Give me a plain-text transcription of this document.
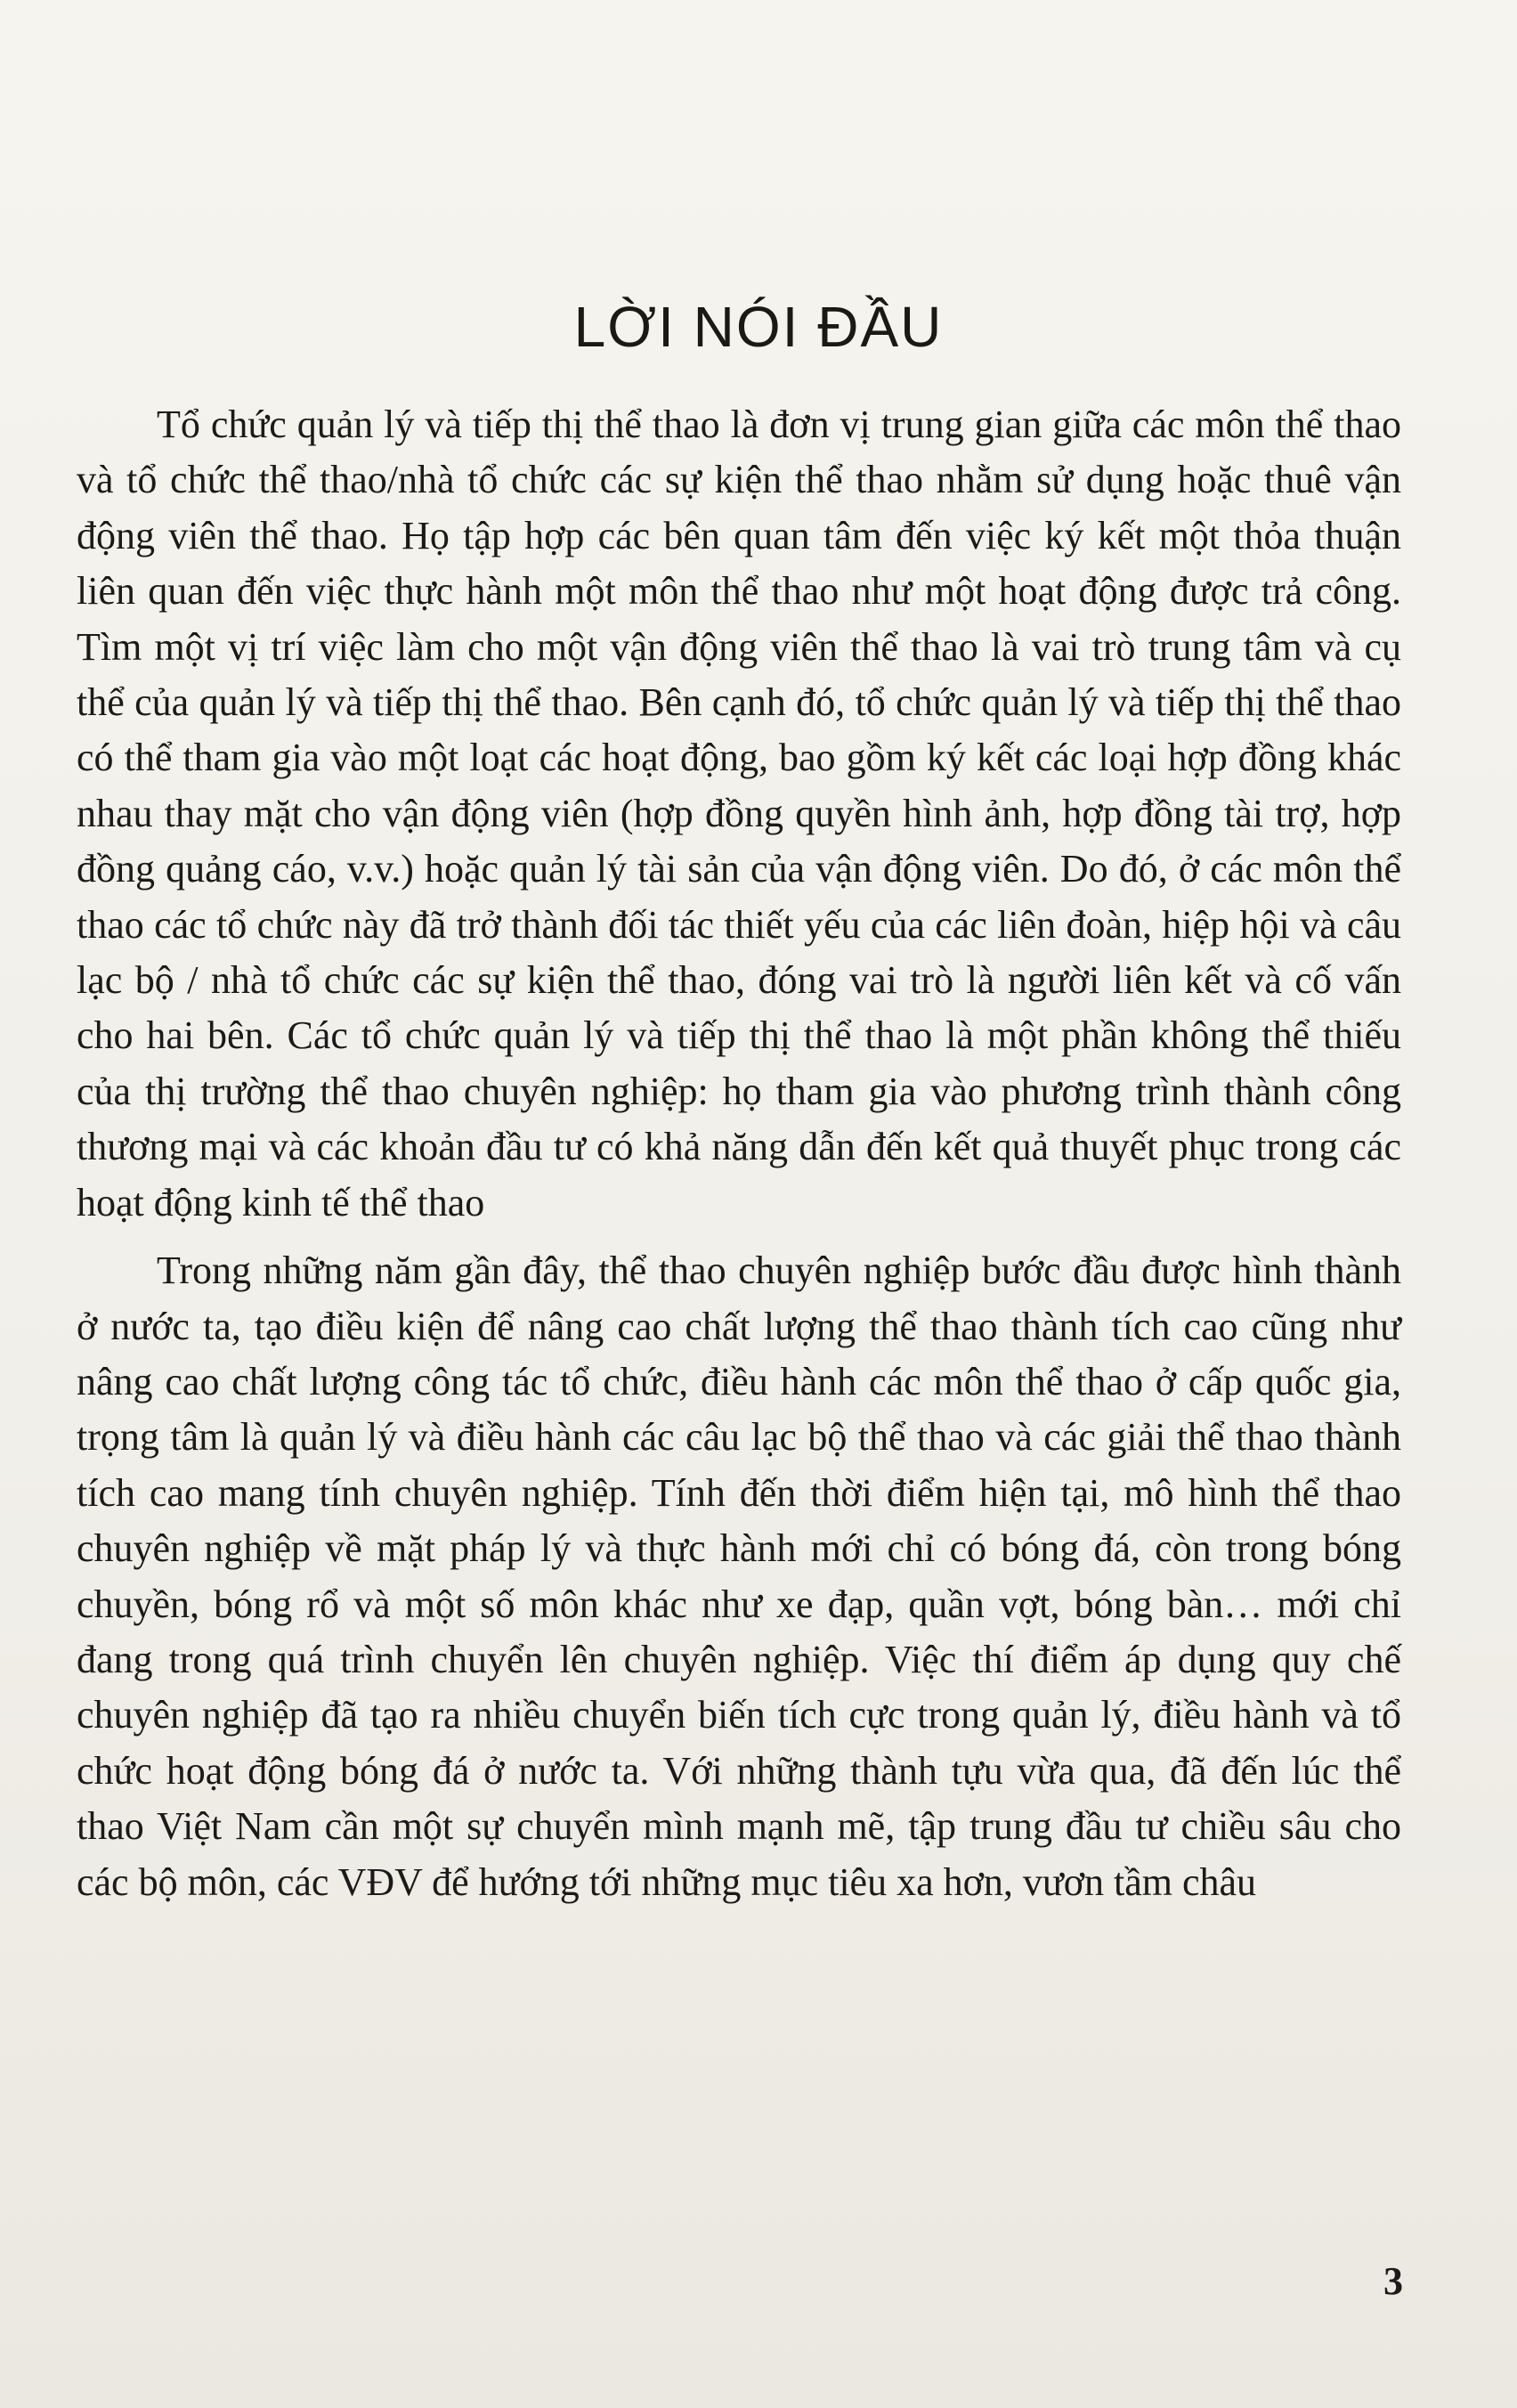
LỜI NÓI ĐẦU

Tổ chức quản lý và tiếp thị thể thao là đơn vị trung gian giữa các môn thể thao và tổ chức thể thao/nhà tổ chức các sự kiện thể thao nhằm sử dụng hoặc thuê vận động viên thể thao. Họ tập hợp các bên quan tâm đến việc ký kết một thỏa thuận liên quan đến việc thực hành một môn thể thao như một hoạt động được trả công. Tìm một vị trí việc làm cho một vận động viên thể thao là vai trò trung tâm và cụ thể của quản lý và tiếp thị thể thao. Bên cạnh đó, tổ chức quản lý và tiếp thị thể thao có thể tham gia vào một loạt các hoạt động, bao gồm ký kết các loại hợp đồng khác nhau thay mặt cho vận động viên (hợp đồng quyền hình ảnh, hợp đồng tài trợ, hợp đồng quảng cáo, v.v.) hoặc quản lý tài sản của vận động viên. Do đó, ở các môn thể thao các tổ chức này đã trở thành đối tác thiết yếu của các liên đoàn, hiệp hội và câu lạc bộ / nhà tổ chức các sự kiện thể thao, đóng vai trò là người liên kết và cố vấn cho hai bên. Các tổ chức quản lý và tiếp thị thể thao là một phần không thể thiếu của thị trường thể thao chuyên nghiệp: họ tham gia vào phương trình thành công thương mại và các khoản đầu tư có khả năng dẫn đến kết quả thuyết phục trong các hoạt động kinh tế thể thao

Trong những năm gần đây, thể thao chuyên nghiệp bước đầu được hình thành ở nước ta, tạo điều kiện để nâng cao chất lượng thể thao thành tích cao cũng như nâng cao chất lượng công tác tổ chức, điều hành các môn thể thao ở cấp quốc gia, trọng tâm là quản lý và điều hành các câu lạc bộ thể thao và các giải thể thao thành tích cao mang tính chuyên nghiệp. Tính đến thời điểm hiện tại, mô hình thể thao chuyên nghiệp về mặt pháp lý và thực hành mới chỉ có bóng đá, còn trong bóng chuyền, bóng rổ và một số môn khác như xe đạp, quần vợt, bóng bàn… mới chỉ đang trong quá trình chuyển lên chuyên nghiệp. Việc thí điểm áp dụng quy chế chuyên nghiệp đã tạo ra nhiều chuyển biến tích cực trong quản lý, điều hành và tổ chức hoạt động bóng đá ở nước ta. Với những thành tựu vừa qua, đã đến lúc thể thao Việt Nam cần một sự chuyển mình mạnh mẽ, tập trung đầu tư chiều sâu cho các bộ môn, các VĐV để hướng tới những mục tiêu xa hơn, vươn tầm châu

3
